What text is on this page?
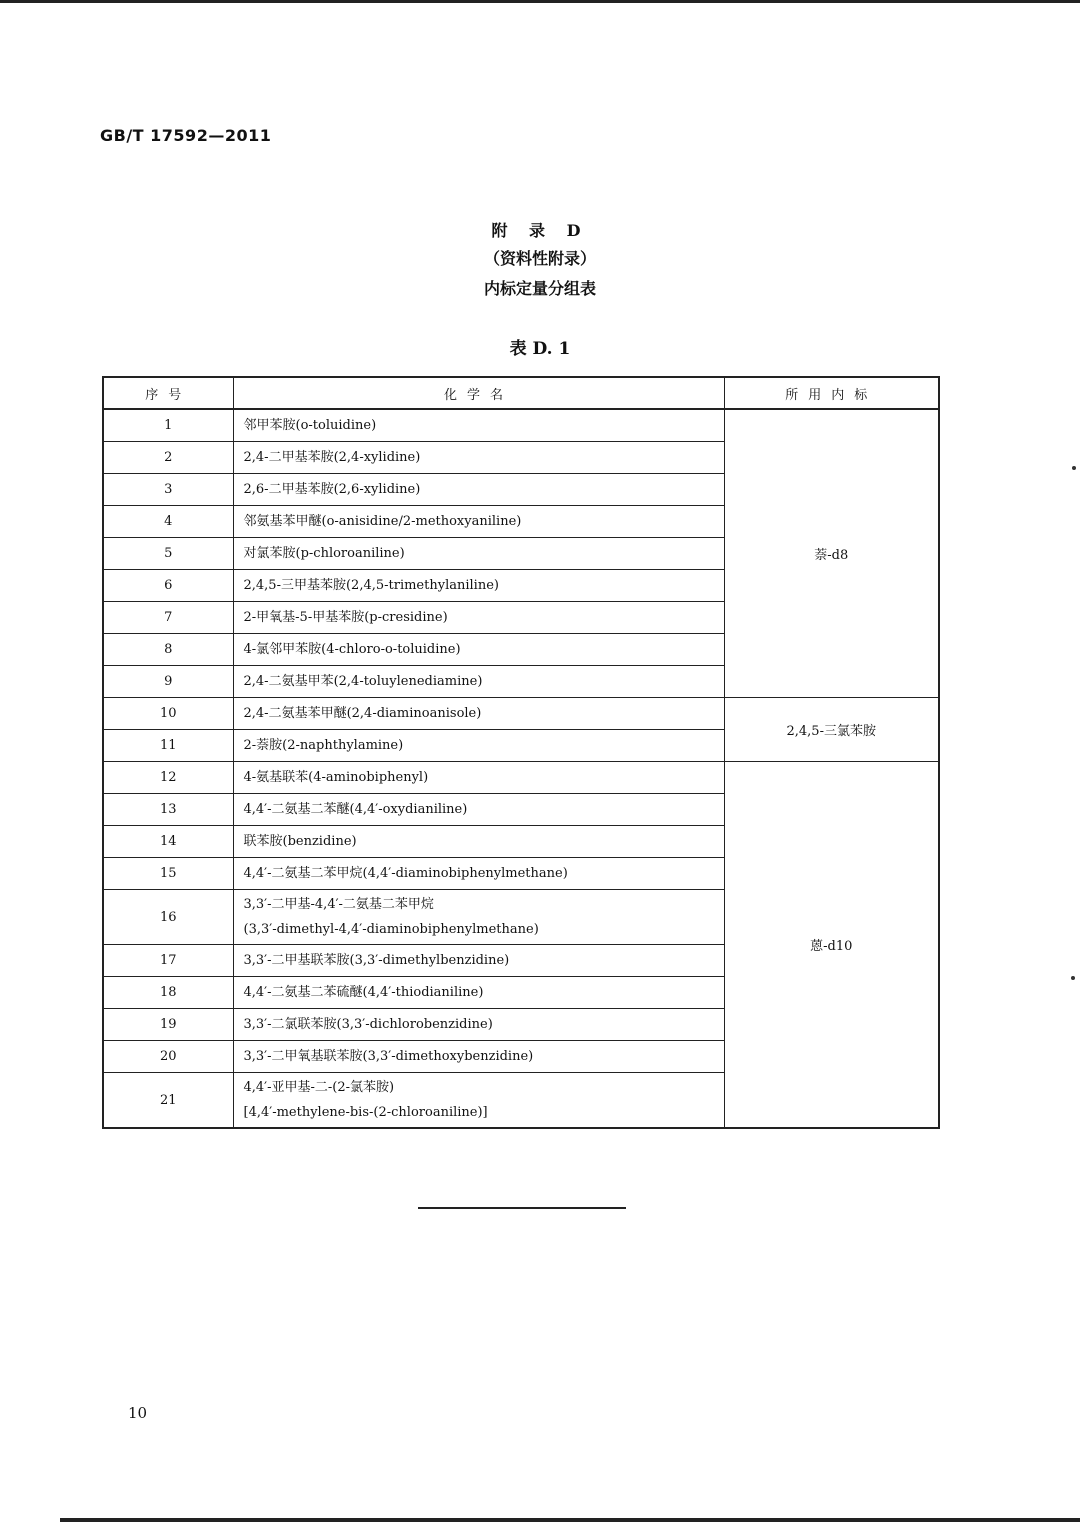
GB/T 17592—2011
附 录 D
（资料性附录）
内标定量分组表
表 D. 1
序号	化学名	所用内标
1	邻甲苯胺(o-toluidine)	萘-d8
2	2,4-二甲基苯胺(2,4-xylidine)	

3	2,6-二甲基苯胺(2,6-xylidine)	

4	邻氨基苯甲醚(o-anisidine/2-methoxyaniline)	

5	对氯苯胺(p-chloroaniline)	

6	2,4,5-三甲基苯胺(2,4,5-trimethylaniline)	

7	2-甲氧基-5-甲基苯胺(p-cresidine)	

8	4-氯邻甲苯胺(4-chloro-o-toluidine)	

9	2,4-二氨基甲苯(2,4-toluylenediamine)	

10	2,4-二氨基苯甲醚(2,4-diaminoanisole)	2,4,5-三氯苯胺
11	2-萘胺(2-naphthylamine)	

12	4-氨基联苯(4-aminobiphenyl)	蒽-d10
13	4,4′-二氨基二苯醚(4,4′-oxydianiline)	

14	联苯胺(benzidine)	

15	4,4′-二氨基二苯甲烷(4,4′-diaminobiphenylmethane)	

16	3,3′-二甲基-4,4′-二氨基二苯甲烷
(3,3′-dimethyl-4,4′-diaminobiphenylmethane)	

17	3,3′-二甲基联苯胺(3,3′-dimethylbenzidine)	

18	4,4′-二氨基二苯硫醚(4,4′-thiodianiline)	

19	3,3′-二氯联苯胺(3,3′-dichlorobenzidine)	

20	3,3′-二甲氧基联苯胺(3,3′-dimethoxybenzidine)	

21	4,4′-亚甲基-二-(2-氯苯胺)
[4,4′-methylene-bis-(2-chloroaniline)]	
10
